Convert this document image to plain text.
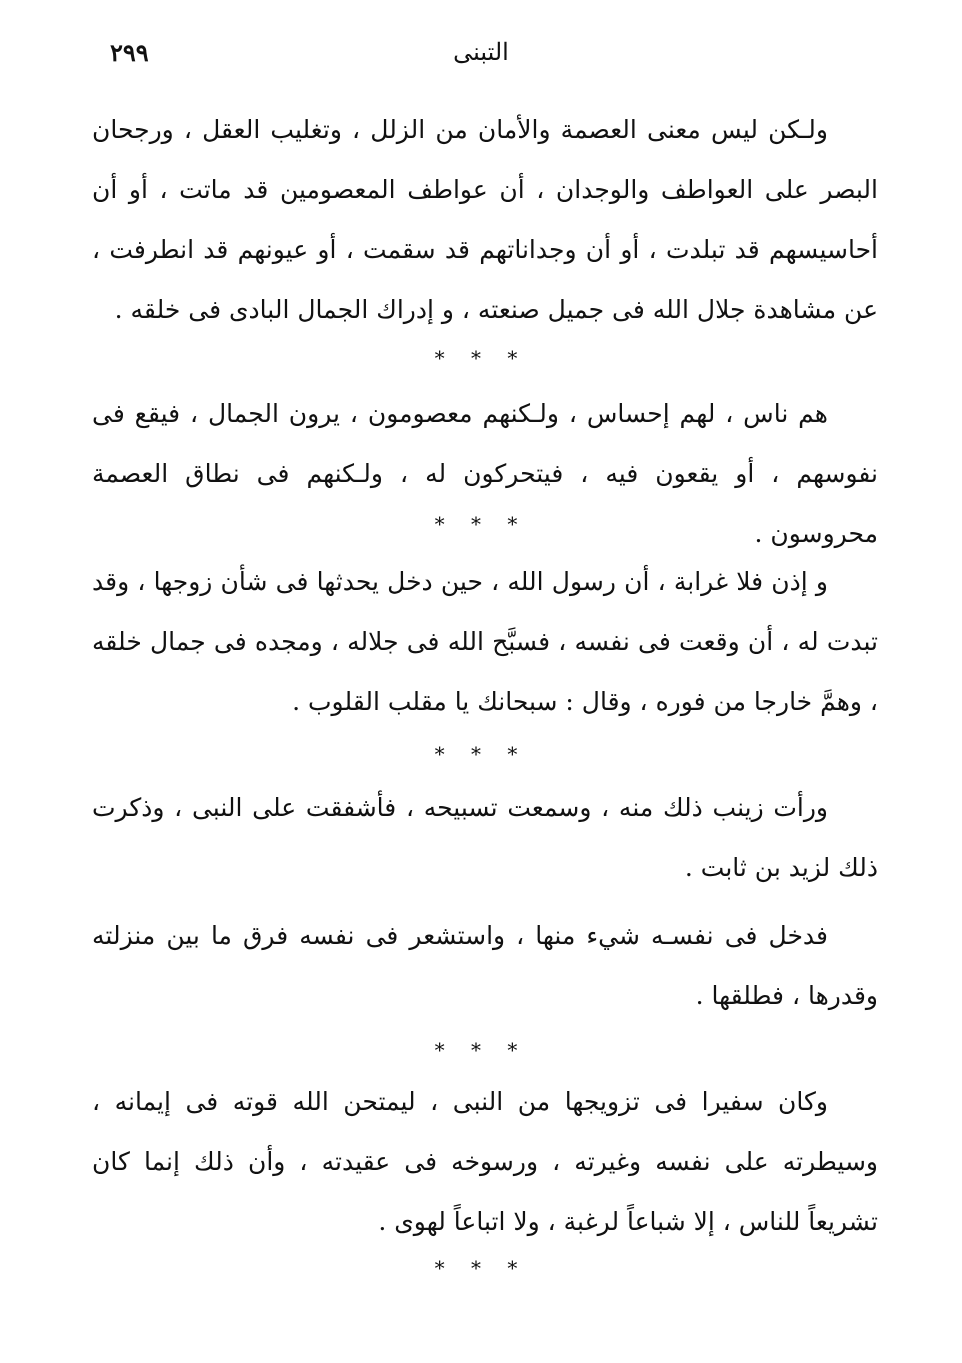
٢٩٩	التبنى

ولـكن ليس معنى العصمة والأمان من الزلل ، وتغليب العقل ، ورجحان البصر على العواطف والوجدان ، أن عواطف المعصومين قد ماتت ، أو أن أحاسيسهم قد تبلدت ، أو أن وجداناتهم قد سقمت ، أو عيونهم قد انطرفت ، عن مشاهدة جلال الله فى جميل صنعته ، و إدراك الجمال البادى فى خلقه .

* * *

هم ناس ، لهم إحساس ، ولـكنهم معصومون ، يرون الجمال ، فيقع فى نفوسهم ، أو يقعون فيه ، فيتحركون له ، ولـكنهم فى نطاق العصمة محروسون .

* * *

و إذن فلا غرابة ، أن رسول الله ، حين دخل يحدثها فى شأن زوجها ، وقد تبدت له ، أن وقعت فى نفسه ، فسبَّح الله فى جلاله ، ومجده فى جمال خلقه ، وهمَّ خارجا من فوره ، وقال : سبحانك يا مقلب القلوب .

* * *

ورأت زينب ذلك منه ، وسمعت تسبيحه ، فأشفقت على النبى ، وذكرت ذلك لزيد بن ثابت .

فدخل فى نفسـه شيء منها ، واستشعر فى نفسه فرق ما بين منزلته وقدرها ، فطلقها .

* * *

وكان سفيرا فى تزويجها من النبى ، ليمتحن الله قوته فى إيمانه ، وسيطرته على نفسه وغيرته ، ورسوخه فى عقيدته ، وأن ذلك إنما كان تشريعاً للناس ، إلا شباعاً لرغبة ، ولا اتباعاً لهوى .

* * *
